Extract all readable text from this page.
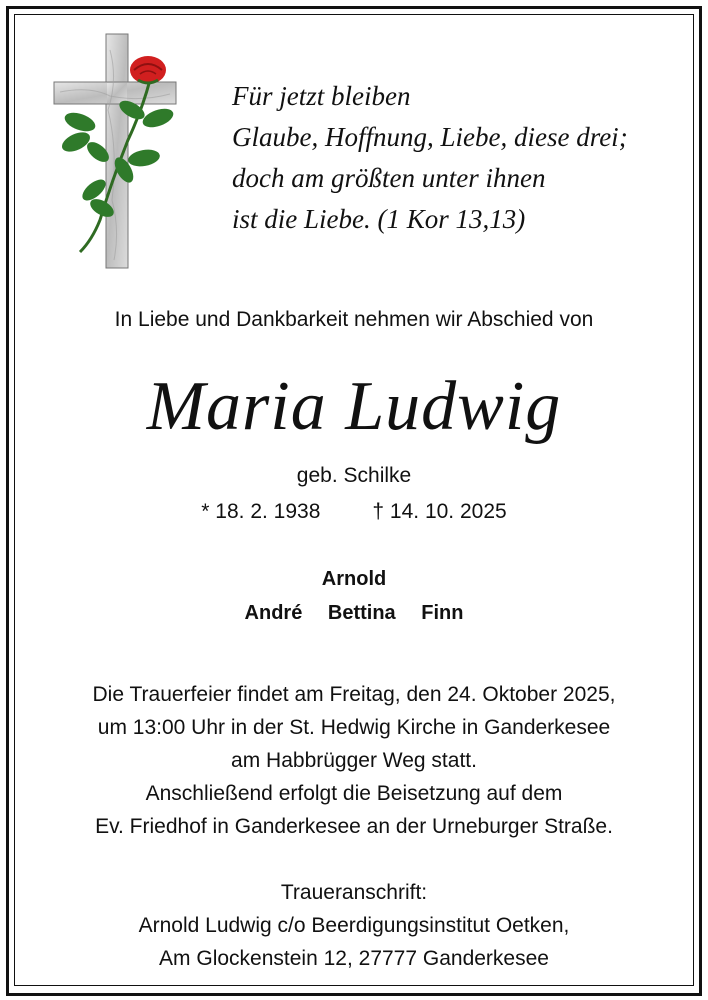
Für jetzt bleiben
Glaube, Hoffnung, Liebe, diese drei;
doch am größten unter ihnen
ist die Liebe. (1 Kor 13,13)
In Liebe und Dankbarkeit nehmen wir Abschied von
Maria Ludwig
geb. Schilke
* 18. 2. 1938 † 14. 10. 2025
Arnold
André Bettina Finn
Die Trauerfeier findet am Freitag, den 24. Oktober 2025,
um 13:00 Uhr in der St. Hedwig Kirche in Ganderkesee
am Habbrügger Weg statt.
Anschließend erfolgt die Beisetzung auf dem
Ev. Friedhof in Ganderkesee an der Urneburger Straße.
Traueranschrift:
Arnold Ludwig c/o Beerdigungsinstitut Oetken,
Am Glockenstein 12, 27777 Ganderkesee
